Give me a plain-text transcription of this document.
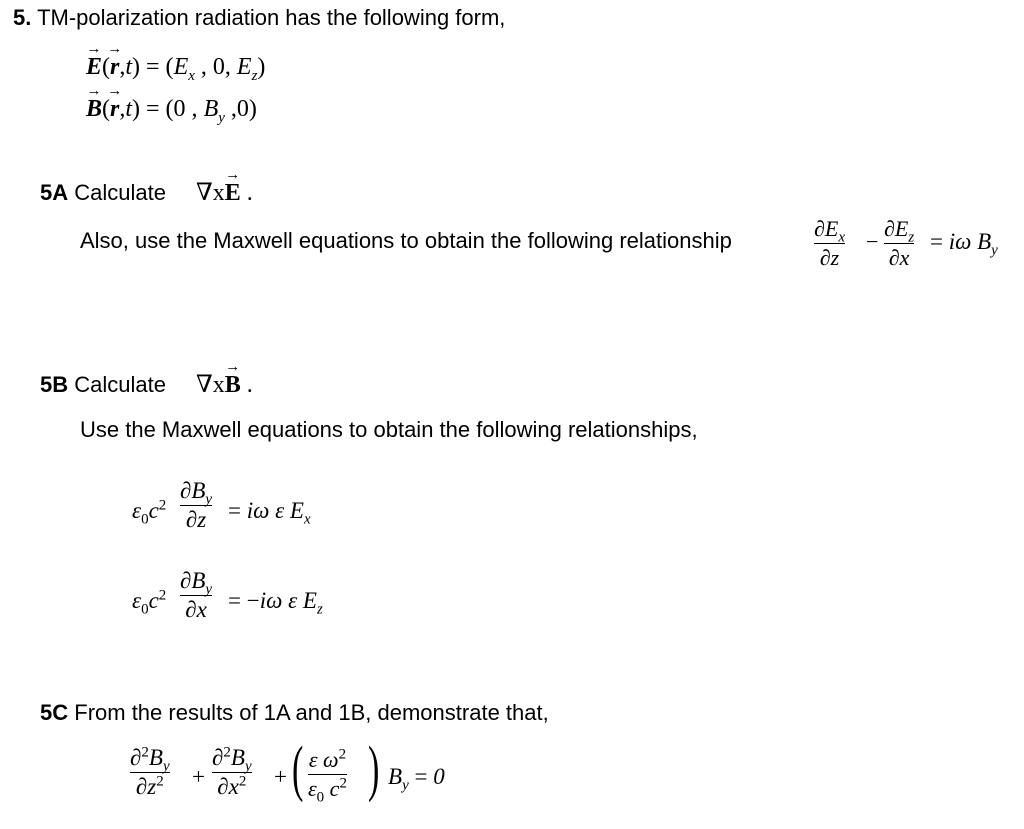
5. TM-polarization radiation has the following form,
→ $E(\to r,t) = (E_x$ , 0, $E_z$)
→ B(→ r,t) = (0 , $B_y$ ,0)
5A Calculate ∇x→ E .
Also, use the Maxwell equations to obtain the following relationship	$\partial E_x$
∂z
−
$\partial E_z$
∂x
= iω $B_y$
5B Calculate ∇x→ B .
Use the Maxwell equations to obtain the following relationships,
$\varepsilon_0c^2$
$\partial B_y$
∂z = iω ε $E_x$
$\varepsilon_0c^2$
$\partial B_y$
∂x = −iω ε $E_z$
5C From the results of 1A and 1B, demonstrate that,
$\partial^2B_y$
$\partial z^2$ +
$\partial^2B_y$
$\partial x^2$ + ( ε $\omega^2$
$\varepsilon_0$ $c^2$ ) $B_y = 0$
